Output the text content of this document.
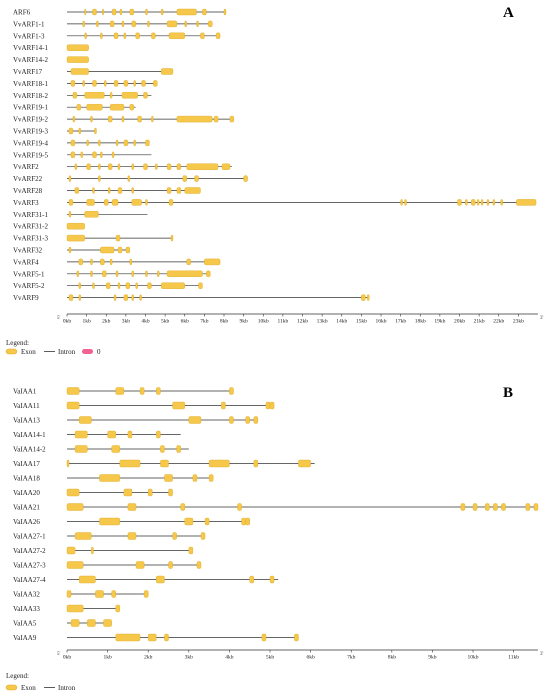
A
ARF6
VvARF1-1
VvARF1-3
VvARF14-1
VvARF14-2
VvARF17
VvARF18-1
VvARF18-2
VvARF19-1
VvARF19-2
VvARF19-3
VvARF19-4
VvARF19-5
VvARF2
VvARF22
VvARF28
VvARF3
VvARF31-1
VvARF31-2
VvARF31-3
VvARF32
VvARF4
VvARF5-1
VvARF5-2
VvARF9
0kb 1kb 2kb 3kb 4kb 5kb 6kb 7kb 8kb 9kb 10kb 11kb 12kb 13kb 14kb 15kb 16kb 17kb 18kb 19kb 20kb 21kb 22kb 23kb
5'	3'
Legend:
Exon	Intron	0
B
VaIAA1
VaIAA11
VaIAA13
VaIAA14-1
VaIAA14-2
VaIAA17
VaIAA18
VaIAA20
VaIAA21
VaIAA26
VaIAA27-1
VaIAA27-2
VaIAA27-3
VaIAA27-4
VaIAA32
VaIAA33
VaIAA5
VaIAA9
0kb	1kb	2kb	3kb	4kb	5kb	6kb	7kb	8kb	9kb	10kb	11kb
5'	3'
Legend:
Exon	Intron
